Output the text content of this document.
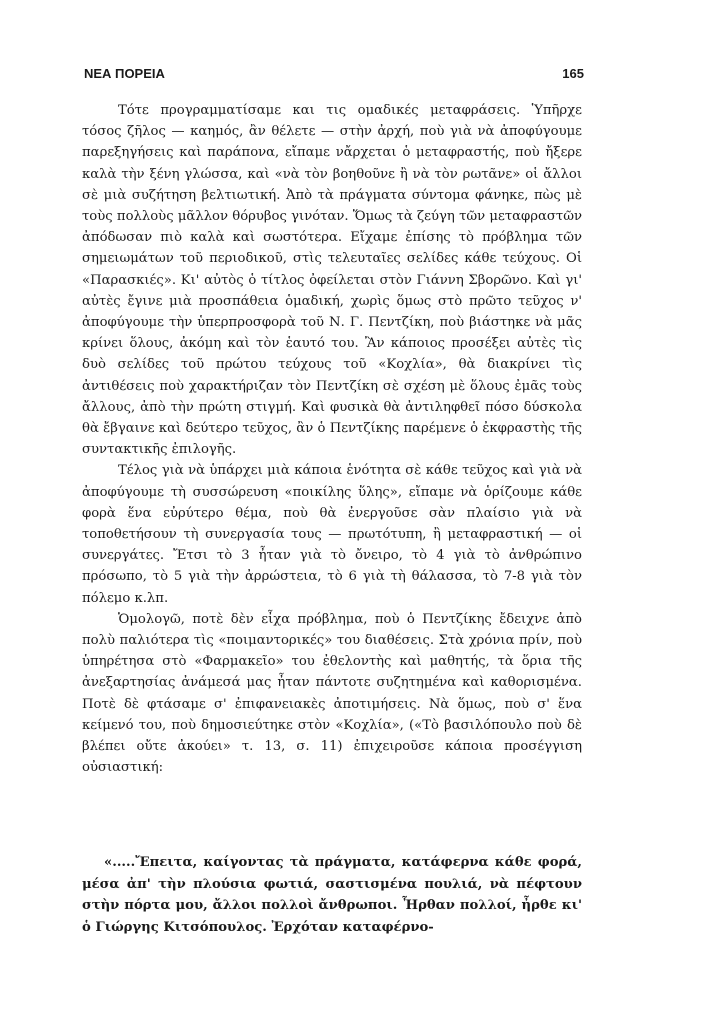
ΝΕΑ ΠΟΡΕΙΑ	165

Τότε προγραμματίσαμε και τις ομαδικές μεταφράσεις. Ὑπῆρχε τόσος ζῆλος — καημός, ἂν θέλετε — στὴν ἀρχή, ποὺ γιὰ νὰ ἀποφύγουμε παρεξηγήσεις καὶ παράπονα, εἴπαμε νἄρχεται ὁ μεταφραστής, ποὺ ἤξερε καλὰ τὴν ξένη γλώσσα, καὶ «νὰ τὸν βοηθοῦνε ἢ νὰ τὸν ρωτᾶνε» οἱ ἄλλοι σὲ μιὰ συζήτηση βελτιωτική. Ἀπὸ τὰ πράγματα σύντομα φάνηκε, πὼς μὲ τοὺς πολλοὺς μᾶλλον θόρυβος γινόταν. Ὅμως τὰ ζεύγη τῶν μεταφραστῶν ἀπόδωσαν πιὸ καλὰ καὶ σωστότερα. Εἴχαμε ἐπίσης τὸ πρόβλημα τῶν σημειωμάτων τοῦ περιοδικοῦ, στὶς τελευταῖες σελίδες κάθε τεύχους. Οἱ «Παρασκιές». Κι' αὐτὸς ὁ τίτλος ὀφείλεται στὸν Γιάννη Σβορῶνο. Καὶ γι' αὐτὲς ἔγινε μιὰ προσπάθεια ὁμαδική, χωρὶς ὅμως στὸ πρῶτο τεῦχος ν' ἀποφύγουμε τὴν ὑπερπροσφορὰ τοῦ Ν. Γ. Πεντζίκη, ποὺ βιάστηκε νὰ μᾶς κρίνει ὅλους, ἀκόμη καὶ τὸν ἑαυτό του. Ἂν κάποιος προσέξει αὐτὲς τὶς δυὸ σελίδες τοῦ πρώτου τεύχους τοῦ «Κοχλία», θὰ διακρίνει τὶς ἀντιθέσεις ποὺ χαρακτήριζαν τὸν Πεντζίκη σὲ σχέση μὲ ὅλους ἐμᾶς τοὺς ἄλλους, ἀπὸ τὴν πρώτη στιγμή. Καὶ φυσικὰ θὰ ἀντιληφθεῖ πόσο δύσκολα θὰ ἔβγαινε καὶ δεύτερο τεῦχος, ἂν ὁ Πεντζίκης παρέμενε ὁ ἐκφραστὴς τῆς συντακτικῆς ἐπιλογῆς.

Τέλος γιὰ νὰ ὑπάρχει μιὰ κάποια ἑνότητα σὲ κάθε τεῦχος καὶ γιὰ νὰ ἀποφύγουμε τὴ συσσώρευση «ποικίλης ὕλης», εἴπαμε νὰ ὁρίζουμε κάθε φορὰ ἕνα εὐρύτερο θέμα, ποὺ θὰ ἐνεργοῦσε σὰν πλαίσιο γιὰ νὰ τοποθετήσουν τὴ συνεργασία τους — πρωτότυπη, ἢ μεταφραστική — οἱ συνεργάτες. Ἔτσι τὸ 3 ἦταν γιὰ τὸ ὄνειρο, τὸ 4 γιὰ τὸ ἀνθρώπινο πρόσωπο, τὸ 5 γιὰ τὴν ἀρρώστεια, τὸ 6 γιὰ τὴ θάλασσα, τὸ 7-8 γιὰ τὸν πόλεμο κ.λπ.

Ὁμολογῶ, ποτὲ δὲν εἶχα πρόβλημα, ποὺ ὁ Πεντζίκης ἔδειχνε ἀπὸ πολὺ παλιότερα τὶς «ποιμαντορικές» του διαθέσεις. Στὰ χρόνια πρίν, ποὺ ὑπηρέτησα στὸ «Φαρμακεῖο» του ἐθελοντὴς καὶ μαθητής, τὰ ὅρια τῆς ἀνεξαρτησίας ἀνάμεσά μας ἦταν πάντοτε συζητημένα καὶ καθορισμένα. Ποτὲ δὲ φτάσαμε σ' ἐπιφανειακὲς ἀποτιμήσεις. Νὰ ὅμως, ποὺ σ' ἕνα κείμενό του, ποὺ δημοσιεύτηκε στὸν «Κοχλία», («Τὸ βασιλόπουλο ποὺ δὲ βλέπει οὔτε ἀκούει» τ. 13, σ. 11) ἐπιχειροῦσε κάποια προσέγγιση οὐσιαστική:

«.....Ἔπειτα, καίγοντας τὰ πράγματα, κατάφερνα κάθε φορά, μέσα ἀπ' τὴν πλούσια φωτιά, σαστισμένα πουλιά, νὰ πέφτουν στὴν πόρτα μου, ἄλλοι πολλοὶ ἄνθρωποι. Ἦρθαν πολλοί, ἦρθε κι' ὁ Γιώργης Κιτσόπουλος. Ἐρχόταν καταφέρνο-
